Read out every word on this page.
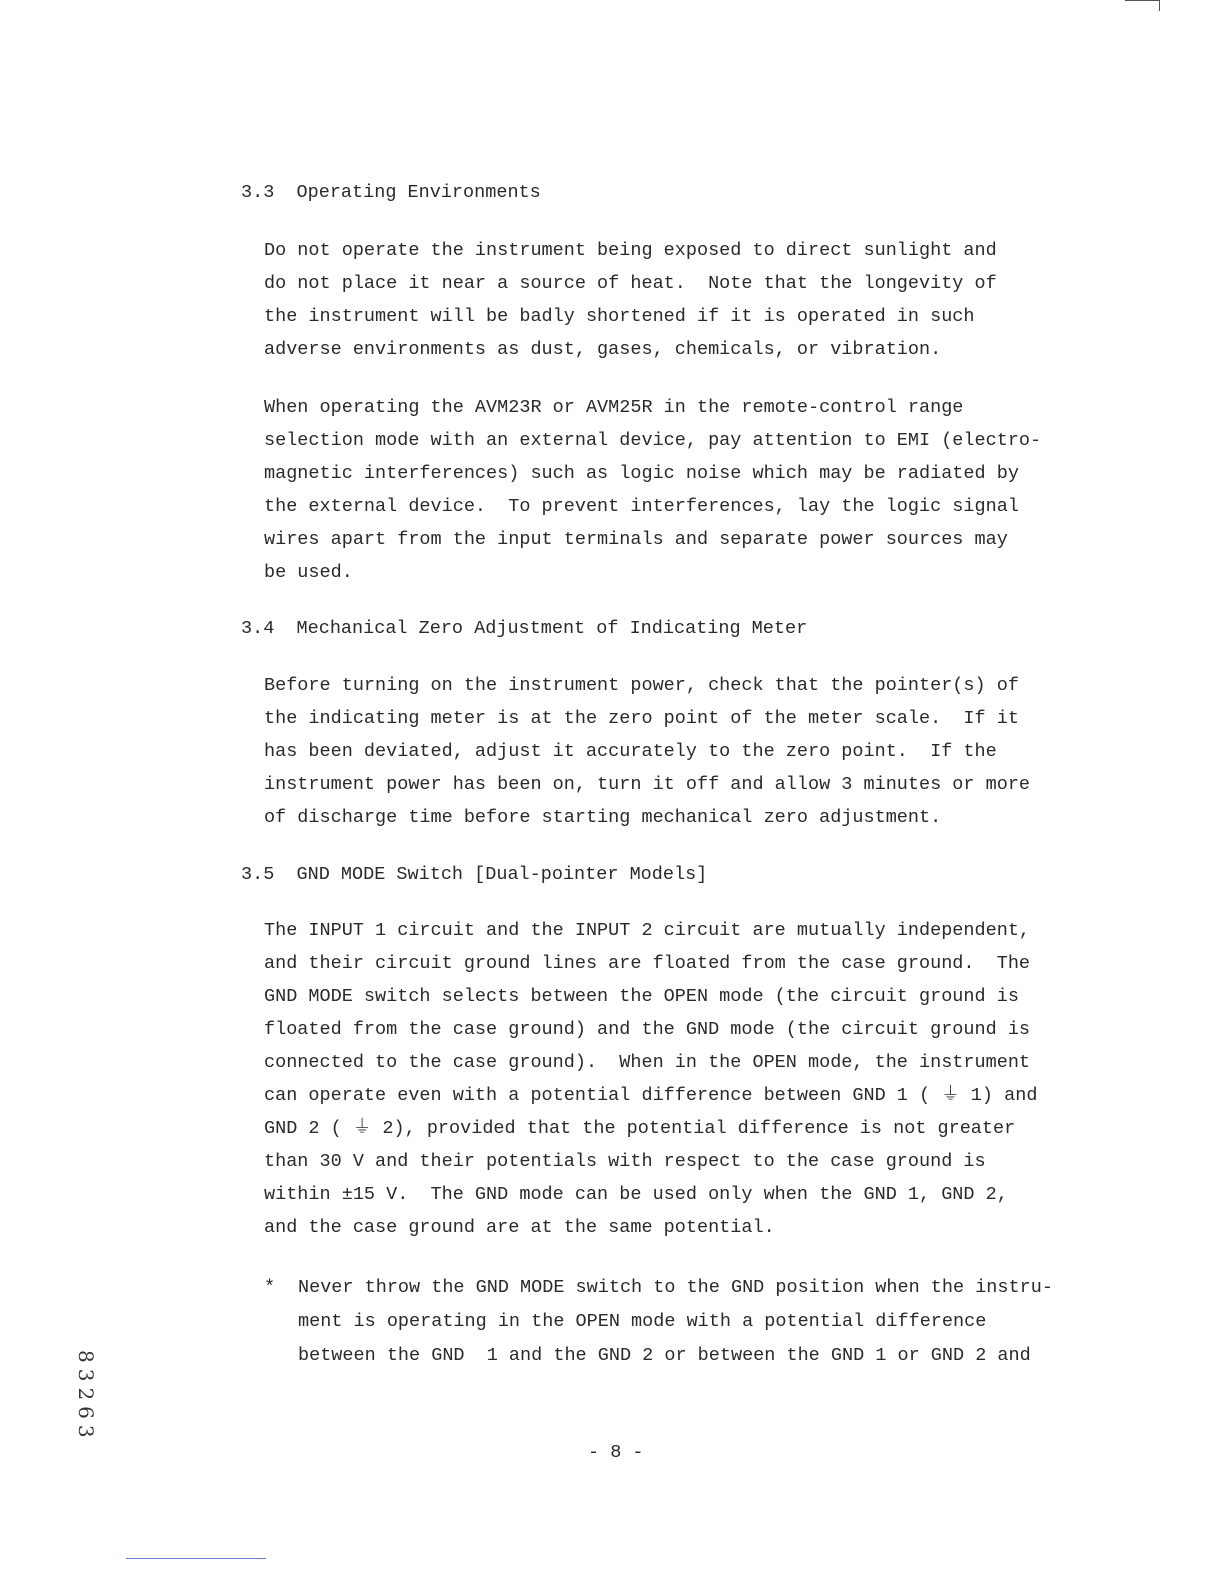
3.3  Operating Environments

Do not operate the instrument being exposed to direct sunlight and
do not place it near a source of heat.  Note that the longevity of
the instrument will be badly shortened if it is operated in such
adverse environments as dust, gases, chemicals, or vibration.

When operating the AVM23R or AVM25R in the remote-control range
selection mode with an external device, pay attention to EMI (electro-
magnetic interferences) such as logic noise which may be radiated by
the external device.  To prevent interferences, lay the logic signal
wires apart from the input terminals and separate power sources may
be used.

3.4  Mechanical Zero Adjustment of Indicating Meter

Before turning on the instrument power, check that the pointer(s) of
the indicating meter is at the zero point of the meter scale.  If it
has been deviated, adjust it accurately to the zero point.  If the
instrument power has been on, turn it off and allow 3 minutes or more
of discharge time before starting mechanical zero adjustment.

3.5  GND MODE Switch [Dual-pointer Models]

The INPUT 1 circuit and the INPUT 2 circuit are mutually independent,
and their circuit ground lines are floated from the case ground.  The
GND MODE switch selects between the OPEN mode (the circuit ground is
floated from the case ground) and the GND mode (the circuit ground is
connected to the case ground).  When in the OPEN mode, the instrument
can operate even with a potential difference between GND 1 ( ⏚ 1) and
GND 2 ( ⏚ 2), provided that the potential difference is not greater
than 30 V and their potentials with respect to the case ground is
within ±15 V.  The GND mode can be used only when the GND 1, GND 2,
and the case ground are at the same potential.

* Never throw the GND MODE switch to the GND position when the instru-
ment is operating in the OPEN mode with a potential difference
between the GND  1 and the GND 2 or between the GND 1 or GND 2 and
- 8 -
83263
